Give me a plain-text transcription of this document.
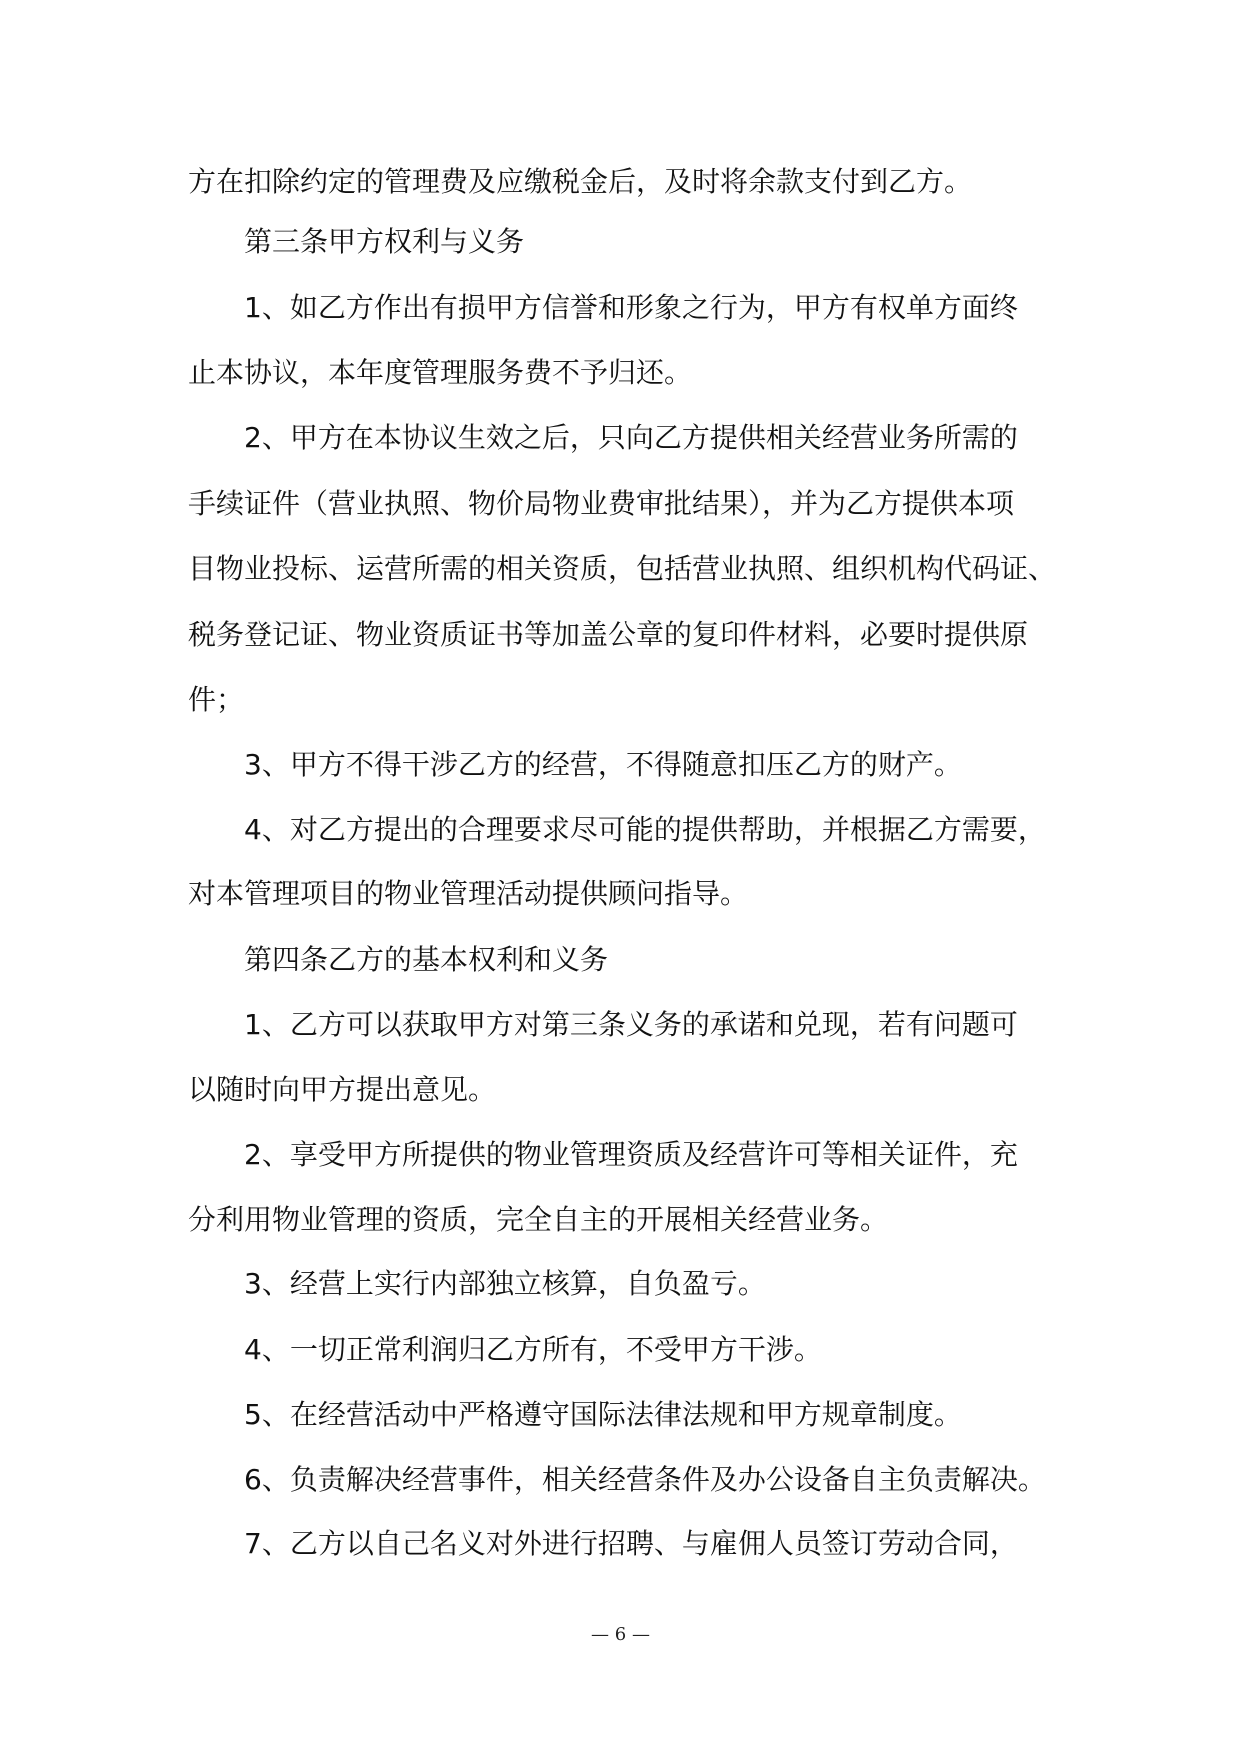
方在扣除约定的管理费及应缴税金后，及时将余款支付到乙方。
第三条甲方权利与义务
1、如乙方作出有损甲方信誉和形象之行为，甲方有权单方面终
止本协议，本年度管理服务费不予归还。
2、甲方在本协议生效之后，只向乙方提供相关经营业务所需的
手续证件（营业执照、物价局物业费审批结果），并为乙方提供本项
目物业投标、运营所需的相关资质，包括营业执照、组织机构代码证、
税务登记证、物业资质证书等加盖公章的复印件材料，必要时提供原
件；
3、甲方不得干涉乙方的经营，不得随意扣压乙方的财产。
4、对乙方提出的合理要求尽可能的提供帮助，并根据乙方需要，
对本管理项目的物业管理活动提供顾问指导。
第四条乙方的基本权利和义务
1、乙方可以获取甲方对第三条义务的承诺和兑现，若有问题可
以随时向甲方提出意见。
2、享受甲方所提供的物业管理资质及经营许可等相关证件，充
分利用物业管理的资质，完全自主的开展相关经营业务。
3、经营上实行内部独立核算，自负盈亏。
4、一切正常利润归乙方所有，不受甲方干涉。
5、在经营活动中严格遵守国际法律法规和甲方规章制度。
6、负责解决经营事件，相关经营条件及办公设备自主负责解决。
7、乙方以自己名义对外进行招聘、与雇佣人员签订劳动合同，
— 6 —
